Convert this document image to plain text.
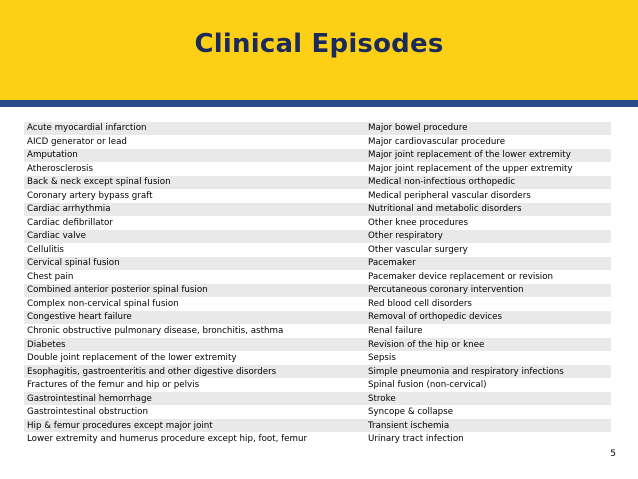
Clinical Episodes
Acute myocardial infarction	Major bowel procedure
AICD generator or lead	Major cardiovascular procedure
Amputation	Major joint replacement of the lower extremity
Atherosclerosis	Major joint replacement of the upper extremity
Back & neck except spinal fusion	Medical non-infectious orthopedic
Coronary artery bypass graft	Medical peripheral vascular disorders
Cardiac arrhythmia	Nutritional and metabolic disorders
Cardiac defibrillator	Other knee procedures
Cardiac valve	Other respiratory
Cellulitis	Other vascular surgery
Cervical spinal fusion	Pacemaker
Chest pain	Pacemaker device replacement or revision
Combined anterior posterior spinal fusion	Percutaneous coronary intervention
Complex non-cervical spinal fusion	Red blood cell disorders
Congestive heart failure	Removal of orthopedic devices
Chronic obstructive pulmonary disease, bronchitis, asthma	Renal failure
Diabetes	Revision of the hip or knee
Double joint replacement of the lower extremity	Sepsis
Esophagitis, gastroenteritis and other digestive disorders	Simple pneumonia and respiratory infections
Fractures of the femur and hip or pelvis	Spinal fusion (non-cervical)
Gastrointestinal hemorrhage	Stroke
Gastrointestinal obstruction	Syncope & collapse
Hip & femur procedures except major joint	Transient ischemia
Lower extremity and humerus procedure except hip, foot, femur	Urinary tract infection
5
